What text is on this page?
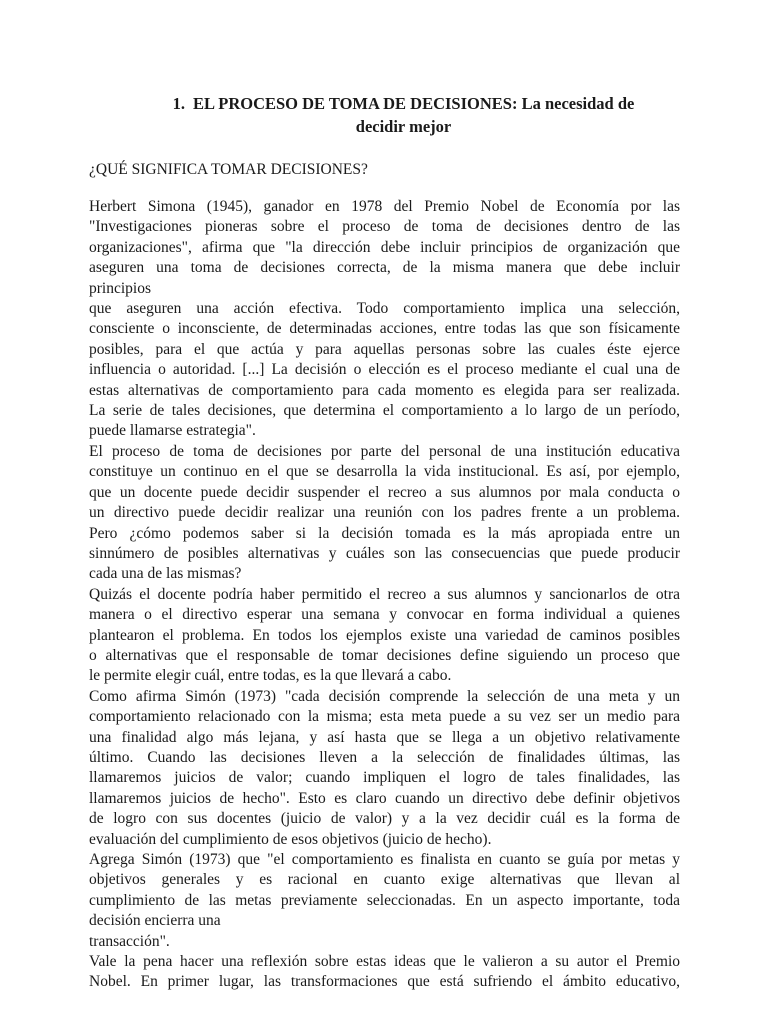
1. EL PROCESO DE TOMA DE DECISIONES: La necesidad de
decidir mejor
¿QUÉ SIGNIFICA TOMAR DECISIONES?

Herbert Simona (1945), ganador en 1978 del Premio Nobel de Economía por las
"Investigaciones pioneras sobre el proceso de toma de decisiones dentro de las
organizaciones", afirma que "la dirección debe incluir principios de organización que
aseguren una toma de decisiones correcta, de la misma manera que debe incluir
principios

que aseguren una acción efectiva. Todo comportamiento implica una selección,
consciente o inconsciente, de determinadas acciones, entre todas las que son físicamente
posibles, para el que actúa y para aquellas personas sobre las cuales éste ejerce
influencia o autoridad. [...] La decisión o elección es el proceso mediante el cual una de
estas alternativas de comportamiento para cada momento es elegida para ser realizada.
La serie de tales decisiones, que determina el comportamiento a lo largo de un período,
puede llamarse estrategia".

El proceso de toma de decisiones por parte del personal de una institución educativa
constituye un continuo en el que se desarrolla la vida institucional. Es así, por ejemplo,
que un docente puede decidir suspender el recreo a sus alumnos por mala conducta o
un directivo puede decidir realizar una reunión con los padres frente a un problema.
Pero ¿cómo podemos saber si la decisión tomada es la más apropiada entre un
sinnúmero de posibles alternativas y cuáles son las consecuencias que puede producir
cada una de las mismas?

Quizás el docente podría haber permitido el recreo a sus alumnos y sancionarlos de otra
manera o el directivo esperar una semana y convocar en forma individual a quienes
plantearon el problema. En todos los ejemplos existe una variedad de caminos posibles
o alternativas que el responsable de tomar decisiones define siguiendo un proceso que
le permite elegir cuál, entre todas, es la que llevará a cabo.

Como afirma Simón (1973) "cada decisión comprende la selección de una meta y un
comportamiento relacionado con la misma; esta meta puede a su vez ser un medio para
una finalidad algo más lejana, y así hasta que se llega a un objetivo relativamente
último. Cuando las decisiones lleven a la selección de finalidades últimas, las
llamaremos juicios de valor; cuando impliquen el logro de tales finalidades, las
llamaremos juicios de hecho". Esto es claro cuando un directivo debe definir objetivos
de logro con sus docentes (juicio de valor) y a la vez decidir cuál es la forma de
evaluación del cumplimiento de esos objetivos (juicio de hecho).

Agrega Simón (1973) que "el comportamiento es finalista en cuanto se guía por metas y
objetivos generales y es racional en cuanto exige alternativas que llevan al
cumplimiento de las metas previamente seleccionadas. En un aspecto importante, toda
decisión encierra una

transacción".

Vale la pena hacer una reflexión sobre estas ideas que le valieron a su autor el Premio
Nobel. En primer lugar, las transformaciones que está sufriendo el ámbito educativo,
